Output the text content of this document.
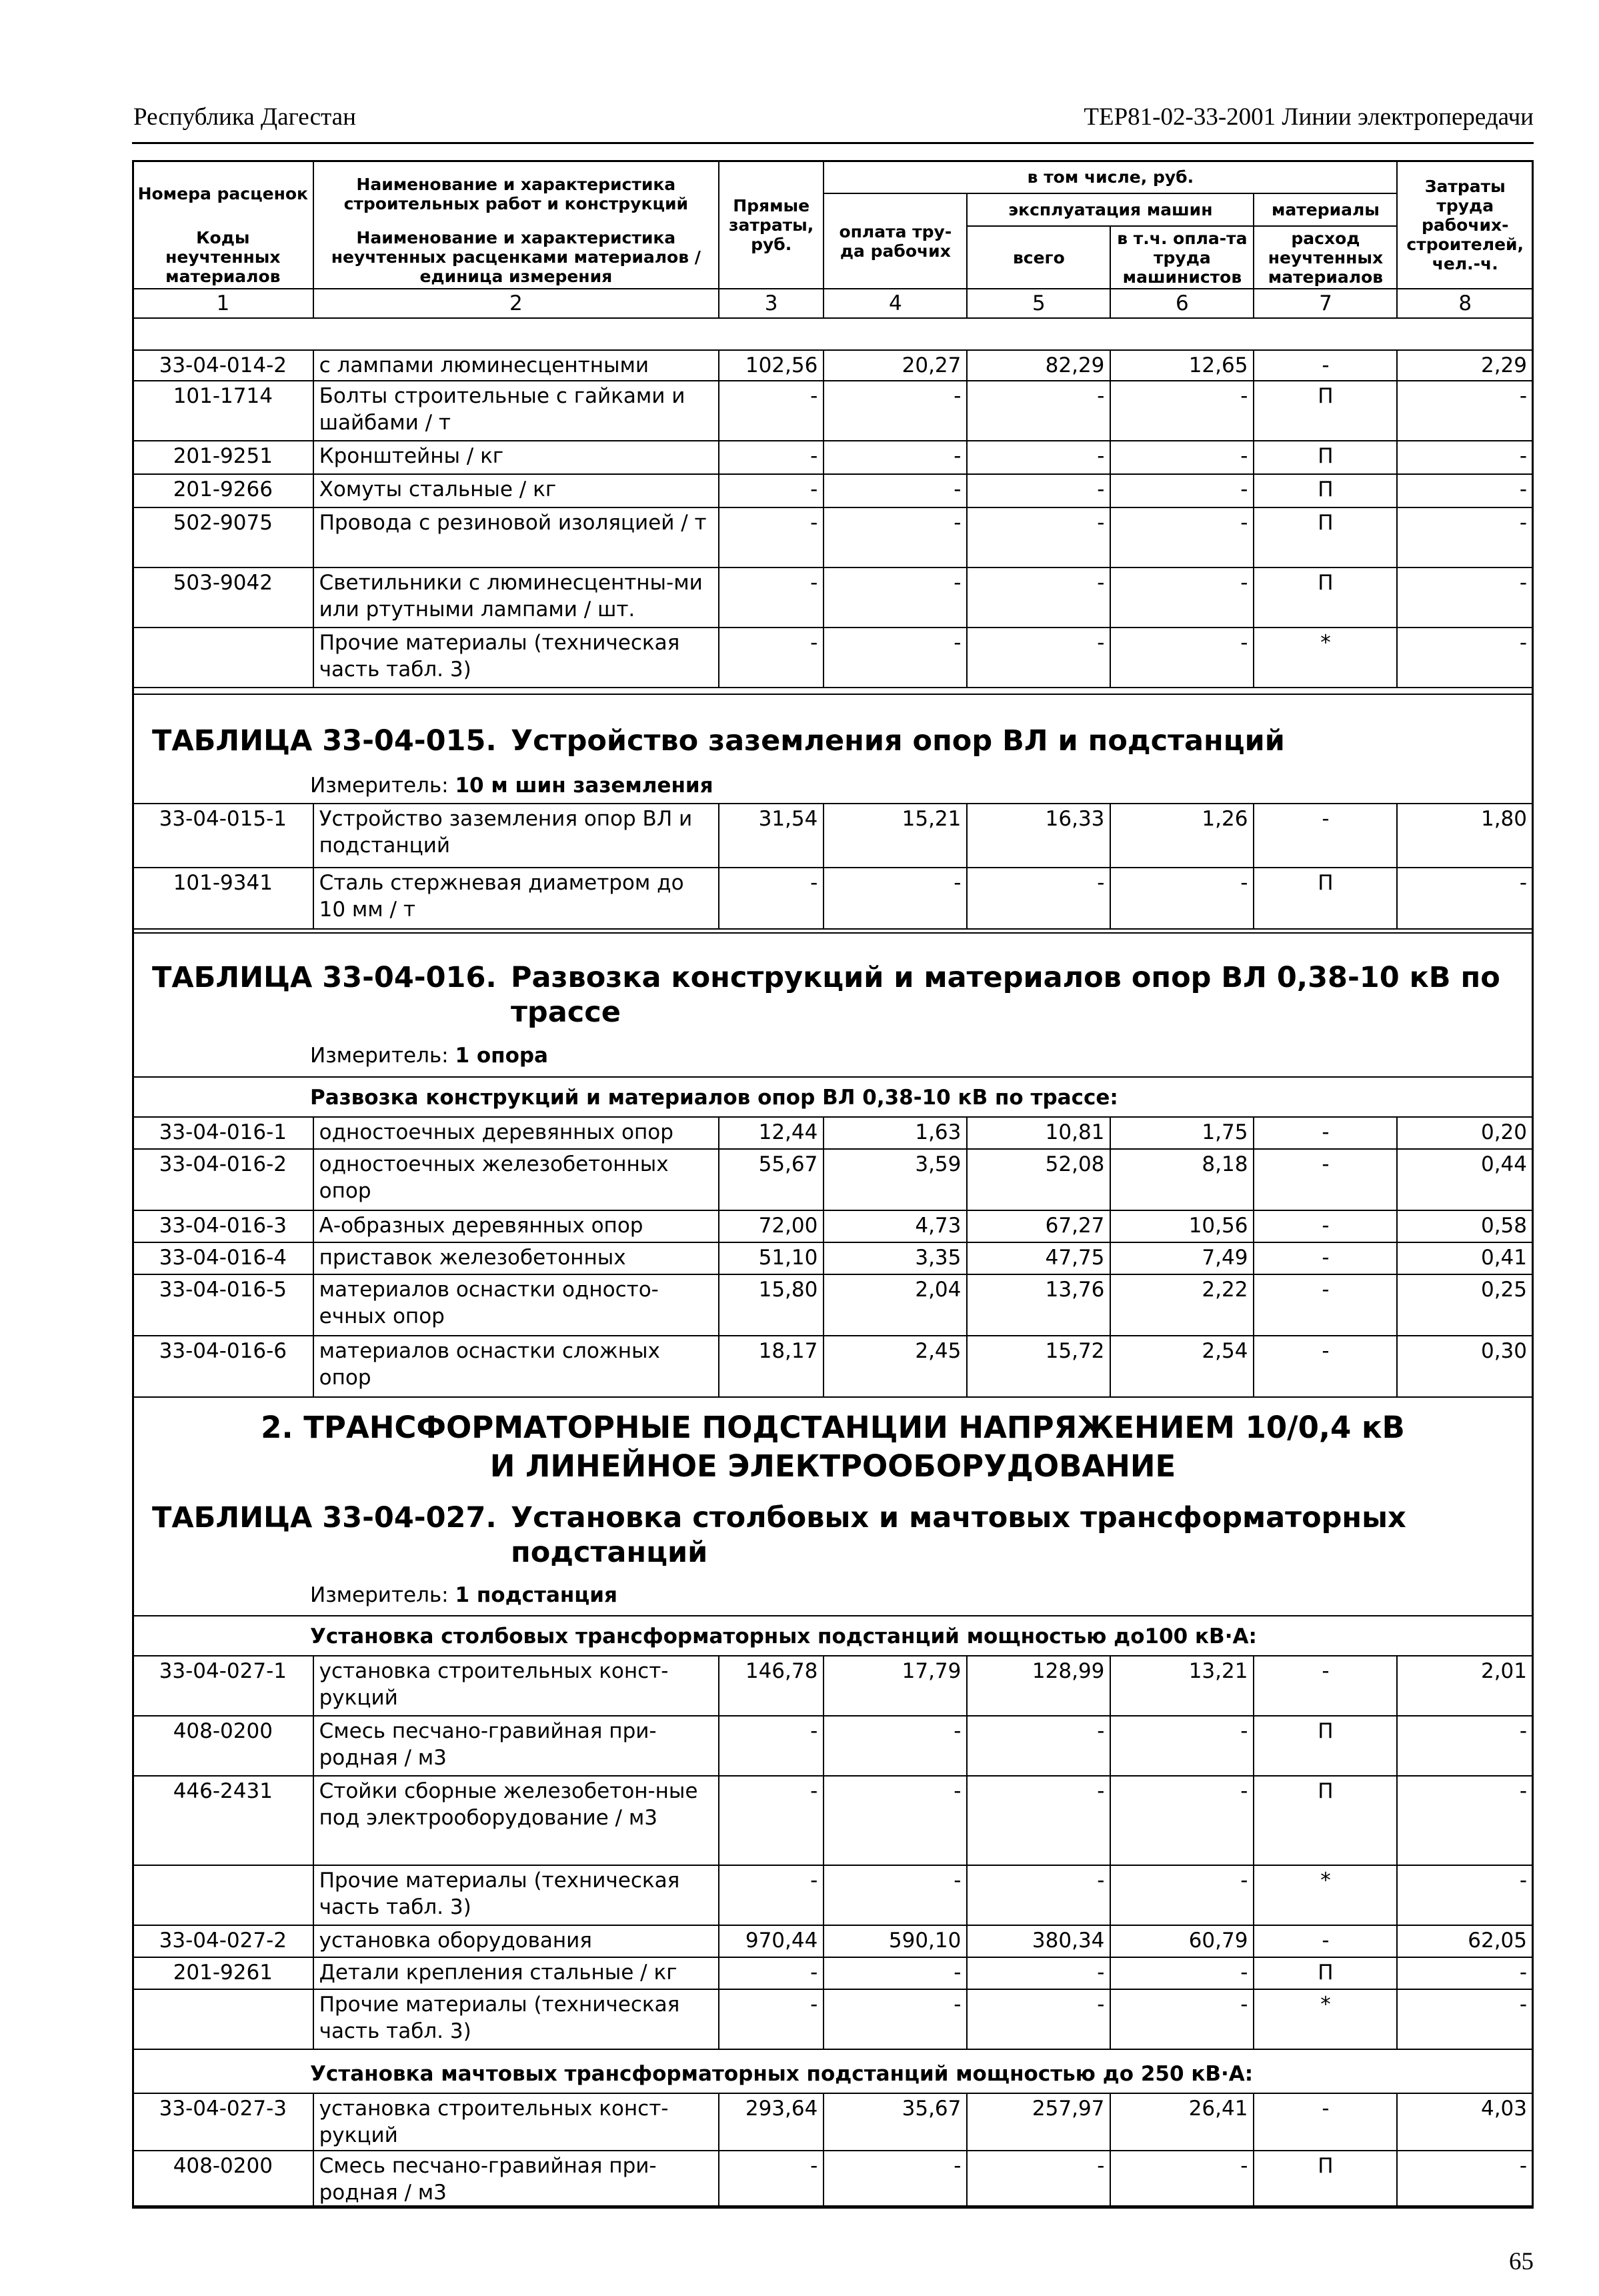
Республика Дагестан	ТЕР81-02-33-2001 Линии электропередачи
Номера расценок	Наименование и характеристика строительных работ и конструкций	Прямые затраты, руб.	в том числе, руб.				Затраты труда рабочих-строителей, чел.-ч.
			оплата тру-да рабочих	эксплуатация машин		материалы	
Коды неучтенных материалов	Наименование и характеристика неучтенных расценками материалов / единица измерения			всего	в т.ч. опла-та труда машинистов	расход неучтенных материалов	

1	2	3	4	5	6	7	8
33-04-014-2	с лампами люминесцентными	102,56	20,27	82,29	12,65	-	2,29
101-1714	Болты строительные с гайками и шайбами / т	-	-	-	-	П	-
201-9251	Кронштейны / кг	-	-	-	-	П	-
201-9266	Хомуты стальные / кг	-	-	-	-	П	-
502-9075	Провода с резиновой изоляцией / т	-	-	-	-	П	-
503-9042	Светильники с люминесцентны-ми или ртутными лампами / шт.	-	-	-	-	П	-
	Прочие материалы (техническая часть табл. 3)	-	-	-	-	*	-
ТАБЛИЦА 33-04-015. Устройство заземления опор ВЛ и подстанций
Измеритель: 10 м шин заземления
33-04-015-1	Устройство заземления опор ВЛ и подстанций	31,54	15,21	16,33	1,26	-	1,80
101-9341	Сталь стержневая диаметром до 10 мм / т	-	-	-	-	П	-
ТАБЛИЦА 33-04-016. Развозка конструкций и материалов опор ВЛ 0,38-10 кВ по трассе
Измеритель: 1 опора
Развозка конструкций и материалов опор ВЛ 0,38-10 кВ по трассе:
33-04-016-1	одностоечных деревянных опор	12,44	1,63	10,81	1,75	-	0,20
33-04-016-2	одностоечных железобетонных опор	55,67	3,59	52,08	8,18	-	0,44
33-04-016-3	А-образных деревянных опор	72,00	4,73	67,27	10,56	-	0,58
33-04-016-4	приставок железобетонных	51,10	3,35	47,75	7,49	-	0,41
33-04-016-5	материалов оснастки односто-ечных опор	15,80	2,04	13,76	2,22	-	0,25
33-04-016-6	материалов оснастки сложных опор	18,17	2,45	15,72	2,54	-	0,30
2. ТРАНСФОРМАТОРНЫЕ ПОДСТАНЦИИ НАПРЯЖЕНИЕМ 10/0,4 кВ
И ЛИНЕЙНОЕ ЭЛЕКТРООБОРУДОВАНИЕ
ТАБЛИЦА 33-04-027. Установка столбовых и мачтовых трансформаторных подстанций
Измеритель: 1 подстанция
Установка столбовых трансформаторных подстанций мощностью до100 кВ·А:
33-04-027-1	установка строительных конст-рукций	146,78	17,79	128,99	13,21	-	2,01
408-0200	Смесь песчано-гравийная при-родная / м3	-	-	-	-	П	-
446-2431	Стойки сборные железобетон-ные под электрооборудование / м3	-	-	-	-	П	-
	Прочие материалы (техническая часть табл. 3)	-	-	-	-	*	-
33-04-027-2	установка оборудования	970,44	590,10	380,34	60,79	-	62,05
201-9261	Детали крепления стальные / кг	-	-	-	-	П	-
	Прочие материалы (техническая часть табл. 3)	-	-	-	-	*	-
Установка мачтовых трансформаторных подстанций мощностью до 250 кВ·А:
33-04-027-3	установка строительных конст-рукций	293,64	35,67	257,97	26,41	-	4,03
408-0200	Смесь песчано-гравийная при-родная / м3	-	-	-	-	П	-
65
